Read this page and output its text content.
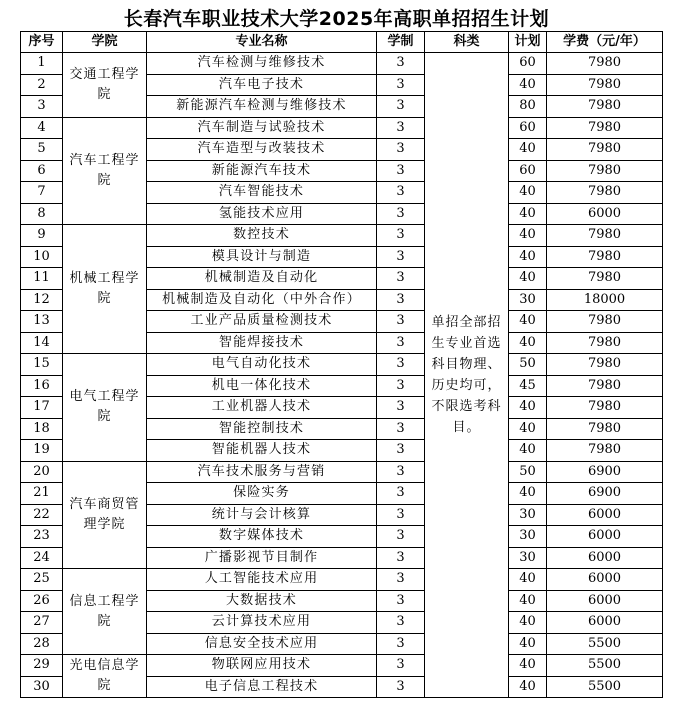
长春汽车职业技术大学2025年高职单招招生计划
序号	学院	专业名称	学制	科类	计划	学费（元/年）
1	交通工程学院	汽车检测与维修技术	3	单招全部招生专业首选科目物理、历史均可，不限选考科目。	60	7980
2		汽车电子技术	3		40	7980
3		新能源汽车检测与维修技术	3		80	7980
4	汽车工程学院	汽车制造与试验技术	3		60	7980
5		汽车造型与改装技术	3		40	7980
6		新能源汽车技术	3		60	7980
7		汽车智能技术	3		40	7980
8		氢能技术应用	3		40	6000
9	机械工程学院	数控技术	3		40	7980
10		模具设计与制造	3		40	7980
11		机械制造及自动化	3		40	7980
12		机械制造及自动化（中外合作）	3		30	18000
13		工业产品质量检测技术	3		40	7980
14		智能焊接技术	3		40	7980
15	电气工程学院	电气自动化技术	3		50	7980
16		机电一体化技术	3		45	7980
17		工业机器人技术	3		40	7980
18		智能控制技术	3		40	7980
19		智能机器人技术	3		40	7980
20	汽车商贸管理学院	汽车技术服务与营销	3		50	6900
21		保险实务	3		40	6900
22		统计与会计核算	3		30	6000
23		数字媒体技术	3		30	6000
24		广播影视节目制作	3		30	6000
25	信息工程学院	人工智能技术应用	3		40	6000
26		大数据技术	3		40	6000
27		云计算技术应用	3		40	6000
28		信息安全技术应用	3		40	5500
29	光电信息学院	物联网应用技术	3		40	5500
30		电子信息工程技术	3		40	5500
